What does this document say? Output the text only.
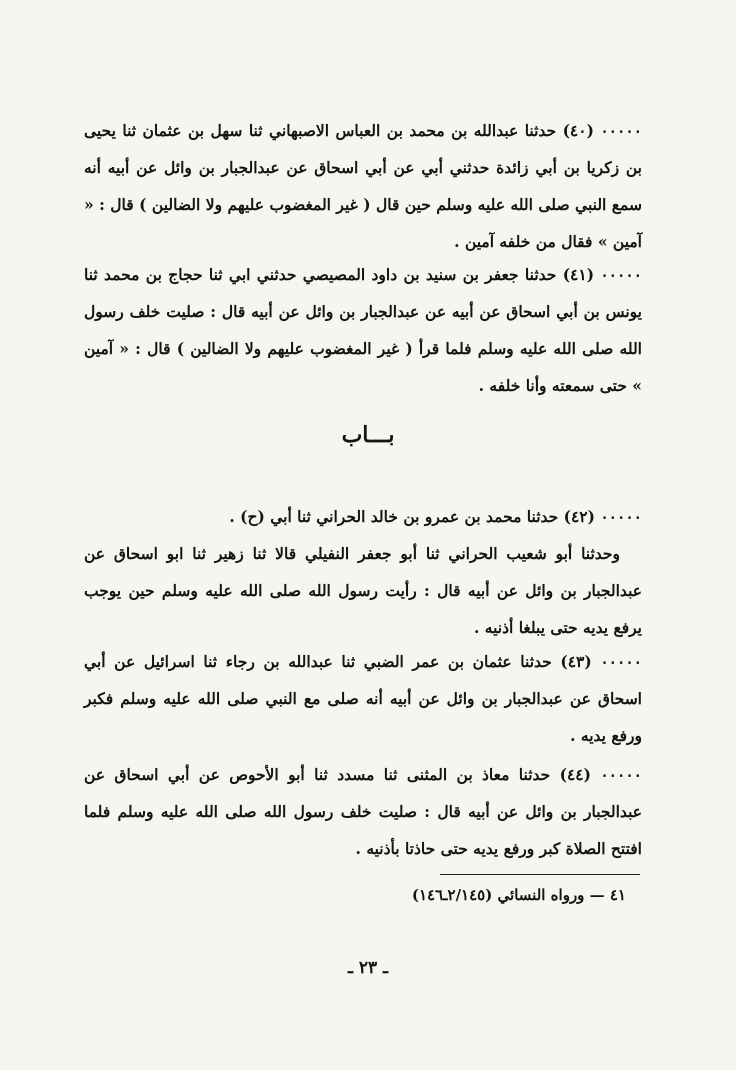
٠٠٠٠٠ (٤٠) حدثنا عبدالله بن محمد بن العباس الاصبهاني ثنا سهل بن عثمان ثنا يحيى بن زكريا بن أبي زائدة حدثني أبي عن أبي اسحاق عن عبدالجبار بن وائل عن أبيه أنه سمع النبي صلى الله عليه وسلم حين قال ( غير المغضوب عليهم ولا الضالين ) قال : « آمين » فقال من خلفه آمين .

٠٠٠٠٠ (٤١) حدثنا جعفر بن سنيد بن داود المصيصي حدثني ابي ثنا حجاج بن محمد ثنا يونس بن أبي اسحاق عن أبيه عن عبدالجبار بن وائل عن أبيه قال : صليت خلف رسول الله صلى الله عليه وسلم فلما قرأ ( غير المغضوب عليهم ولا الضالين ) قال : « آمين » حتى سمعته وأنا خلفه .

بـــاب

٠٠٠٠٠ (٤٢) حدثنا محمد بن عمرو بن خالد الحراني ثنا أبي (ح) .

وحدثنا أبو شعيب الحراني ثنا أبو جعفر النفيلي قالا ثنا زهير ثنا ابو اسحاق عن عبدالجبار بن وائل عن أبيه قال : رأيت رسول الله صلى الله عليه وسلم حين يوجب يرفع يديه حتى يبلغا أذنيه .

٠٠٠٠٠ (٤٣) حدثنا عثمان بن عمر الضبي ثنا عبدالله بن رجاء ثنا اسرائيل عن أبي اسحاق عن عبدالجبار بن وائل عن أبيه أنه صلى مع النبي صلى الله عليه وسلم فكبر ورفع يديه .

٠٠٠٠٠ (٤٤) حدثنا معاذ بن المثنى ثنا مسدد ثنا أبو الأحوص عن أبي اسحاق عن عبدالجبار بن وائل عن أبيه قال : صليت خلف رسول الله صلى الله عليه وسلم فلما افتتح الصلاة كبر ورفع يديه حتى حاذتا بأذنيه .

٤١ — ورواه النسائي (٢/١٤٥ـ١٤٦)
ـ ٢٣ ـ
